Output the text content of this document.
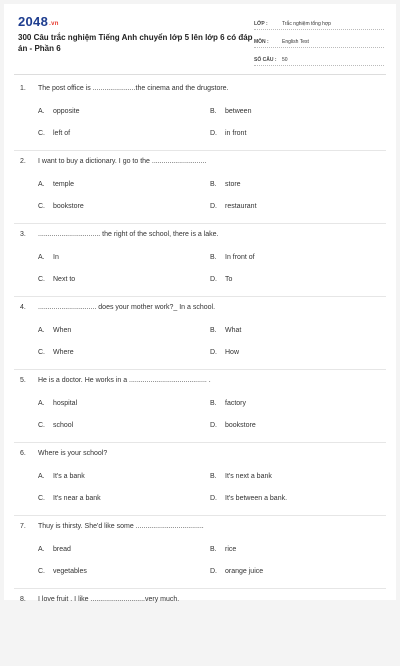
2048.vn
300 Câu trắc nghiệm Tiếng Anh chuyển lớp 5 lên lớp 6 có đáp án - Phần 6
LỚP :	Trắc nghiệm tổng hợp
MÔN :	English Test
SỐ CÂU :	50
1.	The post office is ......................the cinema and the drugstore.
A.	opposite	B.	between
C.	left of	D.	in front
2.	I want to buy a dictionary. I go to the ............................
A.	temple	B.	store
C.	bookstore	D.	restaurant
3.	................................ the right of the school, there is a lake.
A.	In	B.	In front of
C.	Next to	D.	To
4.	.............................. does your mother work?_ In a school.
A.	When	B.	What
C.	Where	D.	How
5.	He is a doctor. He works in a ........................................ .
A.	hospital	B.	factory
C.	school	D.	bookstore
6.	Where is your school?
A.	It's a bank	B.	It's next a bank
C.	It's near a bank	D.	It's between a bank.
7.	Thuy is thirsty. She'd like some ...................................
A.	bread	B.	rice
C.	vegetables	D.	orange juice
8.	I love fruit . I like ............................very much.
